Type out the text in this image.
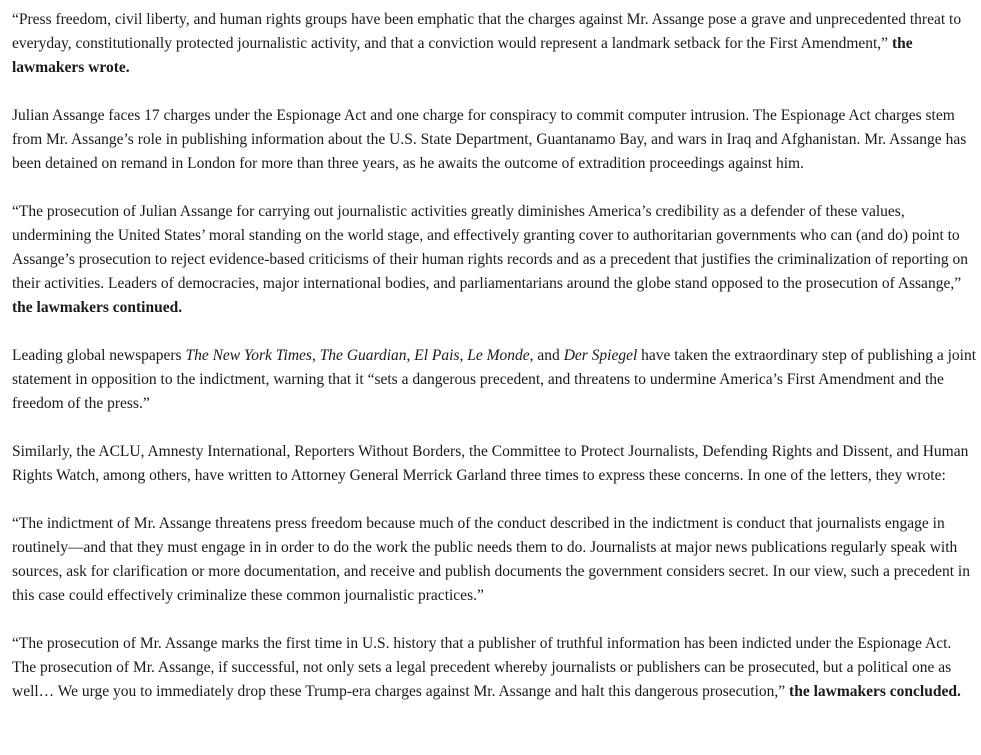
“Press freedom, civil liberty, and human rights groups have been emphatic that the charges against Mr. Assange pose a grave and unprecedented threat to everyday, constitutionally protected journalistic activity, and that a conviction would represent a landmark setback for the First Amendment,” the lawmakers wrote.

Julian Assange faces 17 charges under the Espionage Act and one charge for conspiracy to commit computer intrusion. The Espionage Act charges stem from Mr. Assange’s role in publishing information about the U.S. State Department, Guantanamo Bay, and wars in Iraq and Afghanistan. Mr. Assange has been detained on remand in London for more than three years, as he awaits the outcome of extradition proceedings against him.

“The prosecution of Julian Assange for carrying out journalistic activities greatly diminishes America’s credibility as a defender of these values, undermining the United States’ moral standing on the world stage, and effectively granting cover to authoritarian governments who can (and do) point to Assange’s prosecution to reject evidence-based criticisms of their human rights records and as a precedent that justifies the criminalization of reporting on their activities. Leaders of democracies, major international bodies, and parliamentarians around the globe stand opposed to the prosecution of Assange,” the lawmakers continued.

Leading global newspapers The New York Times, The Guardian, El Pais, Le Monde, and Der Spiegel have taken the extraordinary step of publishing a joint statement in opposition to the indictment, warning that it “sets a dangerous precedent, and threatens to undermine America’s First Amendment and the freedom of the press.”

Similarly, the ACLU, Amnesty International, Reporters Without Borders, the Committee to Protect Journalists, Defending Rights and Dissent, and Human Rights Watch, among others, have written to Attorney General Merrick Garland three times to express these concerns. In one of the letters, they wrote:

“The indictment of Mr. Assange threatens press freedom because much of the conduct described in the indictment is conduct that journalists engage in routinely—and that they must engage in in order to do the work the public needs them to do. Journalists at major news publications regularly speak with sources, ask for clarification or more documentation, and receive and publish documents the government considers secret. In our view, such a precedent in this case could effectively criminalize these common journalistic practices.”

“The prosecution of Mr. Assange marks the first time in U.S. history that a publisher of truthful information has been indicted under the Espionage Act. The prosecution of Mr. Assange, if successful, not only sets a legal precedent whereby journalists or publishers can be prosecuted, but a political one as well… We urge you to immediately drop these Trump-era charges against Mr. Assange and halt this dangerous prosecution,” the lawmakers concluded.
